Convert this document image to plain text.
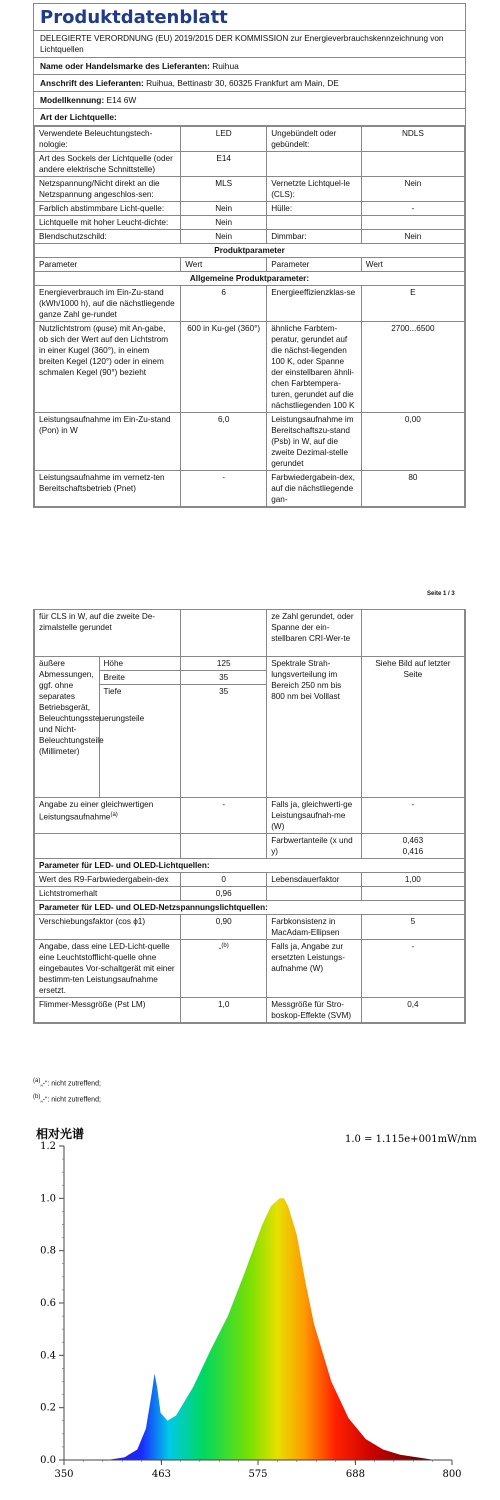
Produktdatenblatt
DELEGIERTE VERORDNUNG (EU) 2019/2015 DER KOMMISSION zur Energieverbrauchskennzeichnung von Lichtquellen
Name oder Handelsmarke des Lieferanten: Ruihua
Anschrift des Lieferanten: Ruihua, Bettinastr 30, 60325 Frankfurt am Main, DE
Modellkennung: E14 6W
Art der Lichtquelle:
Verwendete Beleuchtungstech-nologie:	LED	Ungebündelt oder gebündelt:	NDLS
Art des Sockels der Lichtquelle (oder andere elektrische Schnittstelle)	E14		
Netzspannung/Nicht direkt an die Netzspannung angeschlos-sen:	MLS	Vernetzte Lichtquel-le (CLS):	Nein
Farblich abstimmbare Licht-quelle:	Nein	Hülle:	-
Lichtquelle mit hoher Leucht-dichte:	Nein		
Blendschutzschild:	Nein	Dimmbar:	Nein
Produktparameter			
Parameter	Wert	Parameter	Wert
Allgemeine Produktparameter:			
Energieverbrauch im Ein-Zu-stand (kWh/1000 h), auf die nächstliegende ganze Zahl ge-rundet	6	Energieeffizienzklas-se	E
Nutzlichtstrom (φuse) mit An-gabe, ob sich der Wert auf den Lichtstrom in einer Kugel (360°), in einem breiten Kegel (120°) oder in einem schmalen Kegel (90°) bezieht	600 in Ku-gel (360°)	ähnliche Farbtem-peratur, gerundet auf die nächst-liegenden 100 K, oder Spanne der einstellbaren ähnli-chen Farbtempera-turen, gerundet auf die nächstliegenden 100 K	2700...6500
Leistungsaufnahme im Ein-Zu-stand (Pon) in W	6,0	Leistungsaufnahme im Bereitschaftszu-stand (Psb) in W, auf die zweite Dezimal-stelle gerundet	0,00
Leistungsaufnahme im vernetz-ten Bereitschaftsbetrieb (Pnet)	-	Farbwiedergabein-dex, auf die nächstliegende gan-	80
Seite 1 / 3
für CLS in W, auf die zweite De-zimalstelle gerundet			ze Zahl gerundet, oder Spanne der ein-stellbaren CRI-Wer-te	
äußere Abmessungen, ggf. ohne separates Betriebsgerät, Beleuchtungssteuerungsteile und Nicht-Beleuchtungsteile (Millimeter)	Höhe	125	Spektrale Strah-lungsverteilung im Bereich 250 nm bis 800 nm bei Volllast	Siehe Bild auf letzter Seite
	Breite	35		
	Tiefe	35		
Angabe zu einer gleichwertigen Leistungsaufnahme$^{(a)}$		-	Falls ja, gleichwerti-ge Leistungsaufnah-me (W)	-
			Farbwertanteile (x und y)	0,463
0,416

Parameter für LED- und OLED-Lichtquellen:				
Wert des R9-Farbwiedergabein-dex		0	Lebensdauerfaktor	1,00
Lichtstromerhalt		0,96		
Parameter für LED- und OLED-Netzspannungslichtquellen:				
Verschiebungsfaktor (cos ϕ1)		0,90	Farbkonsistenz in MacAdam-Ellipsen	5
Angabe, dass eine LED-Licht-quelle eine Leuchtstofflicht-quelle ohne eingebautes Vor-schaltgerät mit einer bestimm-ten Leistungsaufnahme ersetzt.		-$^{(b)}$	Falls ja, Angabe zur ersetzten Leistungs-aufnahme (W)	-
Flimmer-Messgröße (Pst LM)		1,0	Messgröße für Stro-boskop-Effekte (SVM)	0,4
$^{(a)}$„-“: nicht zutreffend;
$^{(b)}$„-“: nicht zutreffend;
相对光谱	1.0 = 1.115e+001mW/nm
0.0
0.2
0.4
0.6
0.8
1.0
1.2
350	463	575	688	800
